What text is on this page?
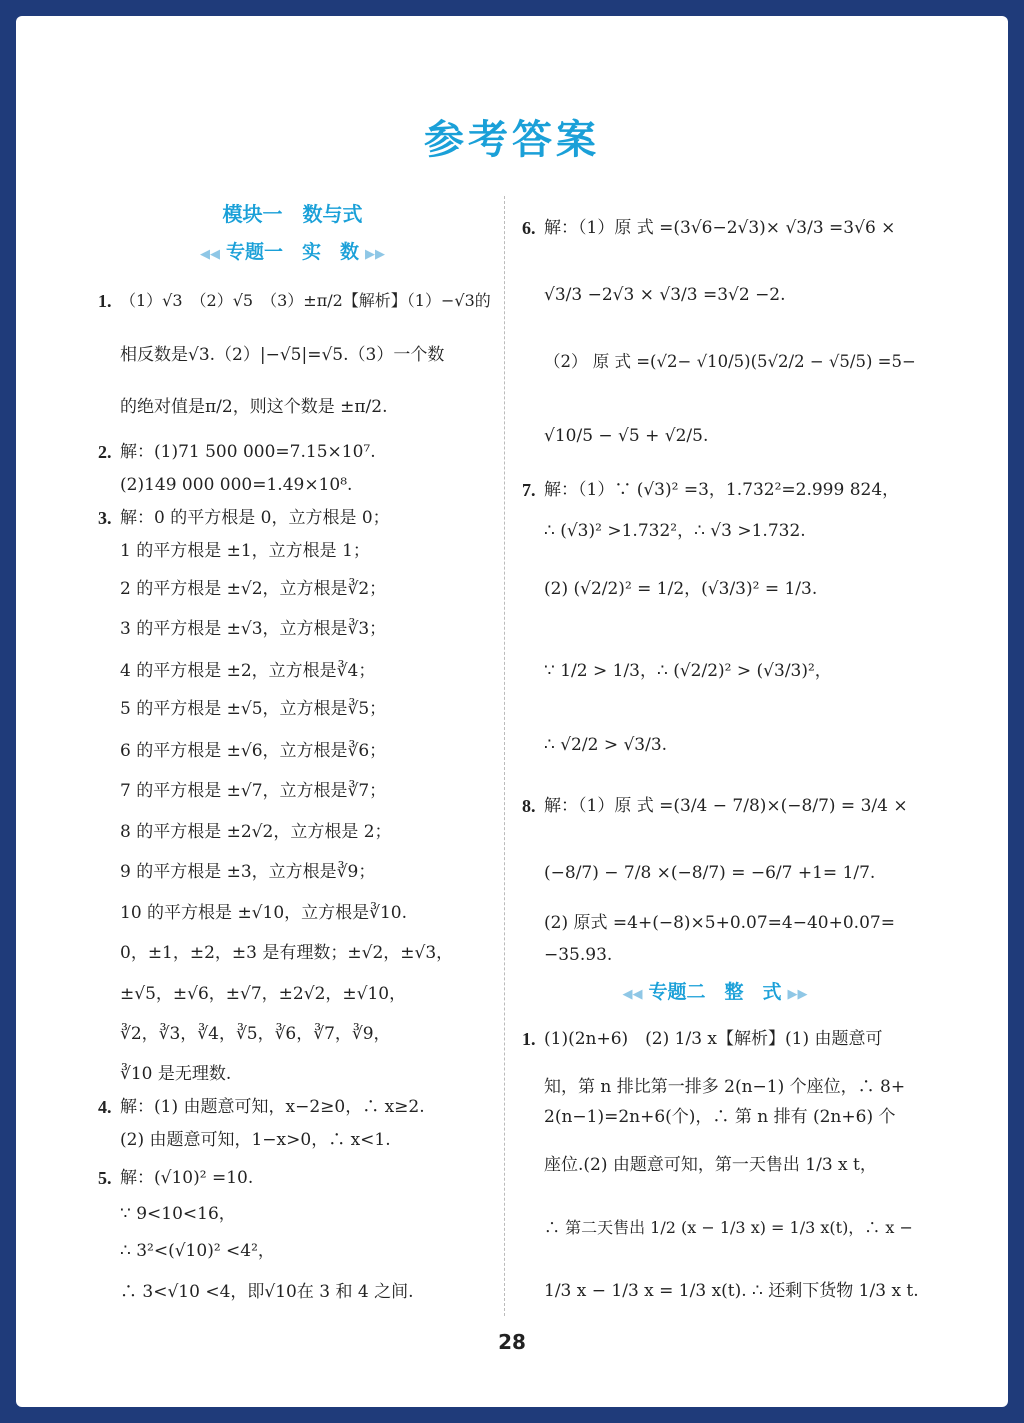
参考答案
模块一　数与式
◀◀ 专题一　实　数 ▶▶
◀◀ 专题二　整　式 ▶▶
28
1. （1）√3　（2）√5　（3）±π/2【解析】（1）−√3的
相反数是√3.（2）|−√5|=√5.（3）一个数
的绝对值是π/2，则这个数是 ±π/2.
2. 解：(1)71 500 000=7.15×10⁷.
(2)149 000 000=1.49×10⁸.
3. 解：0 的平方根是 0，立方根是 0；
1 的平方根是 ±1，立方根是 1；
2 的平方根是 ±√2，立方根是∛2；
3 的平方根是 ±√3，立方根是∛3；
4 的平方根是 ±2，立方根是∛4；
5 的平方根是 ±√5，立方根是∛5；
6 的平方根是 ±√6，立方根是∛6；
7 的平方根是 ±√7，立方根是∛7；
8 的平方根是 ±2√2，立方根是 2；
9 的平方根是 ±3，立方根是∛9；
10 的平方根是 ±√10，立方根是∛10.
0，±1，±2，±3 是有理数；±√2，±√3，
±√5，±√6，±√7，±2√2，±√10，
∛2，∛3，∛4，∛5，∛6，∛7，∛9，
∛10 是无理数.
4. 解：(1) 由题意可知，x−2≥0，∴ x≥2.
(2) 由题意可知，1−x>0，∴ x<1.
5. 解：(√10)² =10.
∵ 9<10<16，
∴ 3²<(√10)² <4²，
∴ 3<√10 <4，即√10在 3 和 4 之间.
6. 解：（1）原 式 =(3√6−2√3)× √3/3 =3√6 ×
√3/3 −2√3 × √3/3 =3√2 −2.
（2） 原 式 =(√2− √10/5)(5√2/2 − √5/5) =5−
√10/5 − √5 + √2/5.
7. 解：（1）∵ (√3)² =3，1.732²=2.999 824，
∴ (√3)² >1.732²，∴ √3 >1.732.
(2) (√2/2)² = 1/2，(√3/3)² = 1/3.
∵ 1/2 > 1/3，∴ (√2/2)² > (√3/3)²，
∴ √2/2 > √3/3.
8. 解：（1）原 式 =(3/4 − 7/8)×(−8/7) = 3/4 ×
(−8/7) − 7/8 ×(−8/7) = −6/7 +1= 1/7.
(2) 原式 =4+(−8)×5+0.07=4−40+0.07=
−35.93.
1. (1)(2n+6)　(2) 1/3 x【解析】(1) 由题意可
知，第 n 排比第一排多 2(n−1) 个座位，∴ 8+
2(n−1)=2n+6(个)，∴ 第 n 排有 (2n+6) 个
座位.(2) 由题意可知，第一天售出 1/3 x t，
∴ 第二天售出 1/2 (x − 1/3 x) = 1/3 x(t)，∴ x −
1/3 x − 1/3 x = 1/3 x(t). ∴ 还剩下货物 1/3 x t.
